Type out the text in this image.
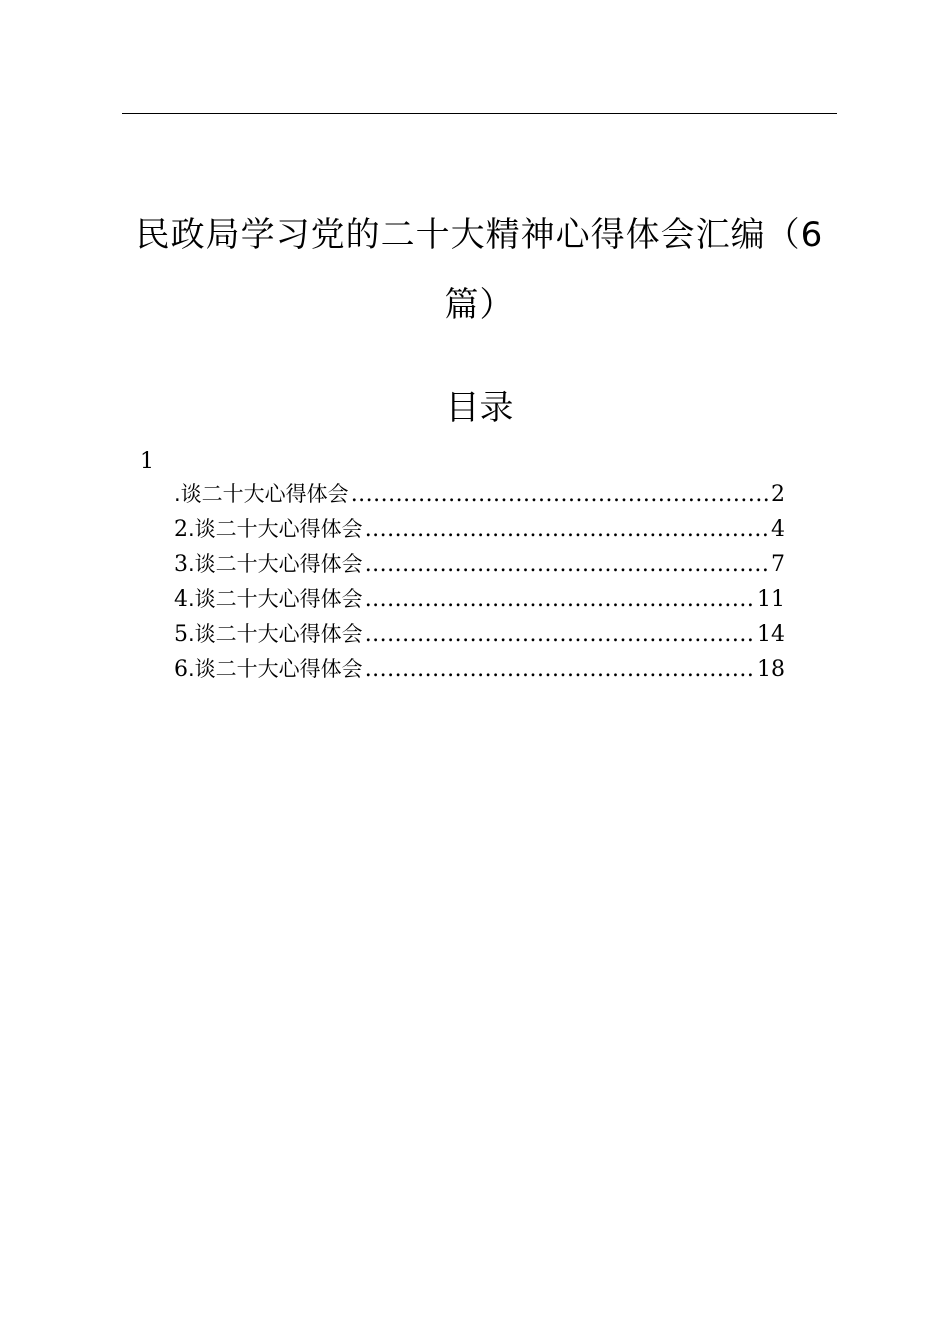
民政局学习党的二十大精神心得体会汇编（6
篇）
目录
1
.谈二十大心得体会 .....	2
2.谈二十大心得体会 .....	4
3.谈二十大心得体会 .....	7
4.谈二十大心得体会 .....	11
5.谈二十大心得体会 .....	14
6.谈二十大心得体会 .....	18
